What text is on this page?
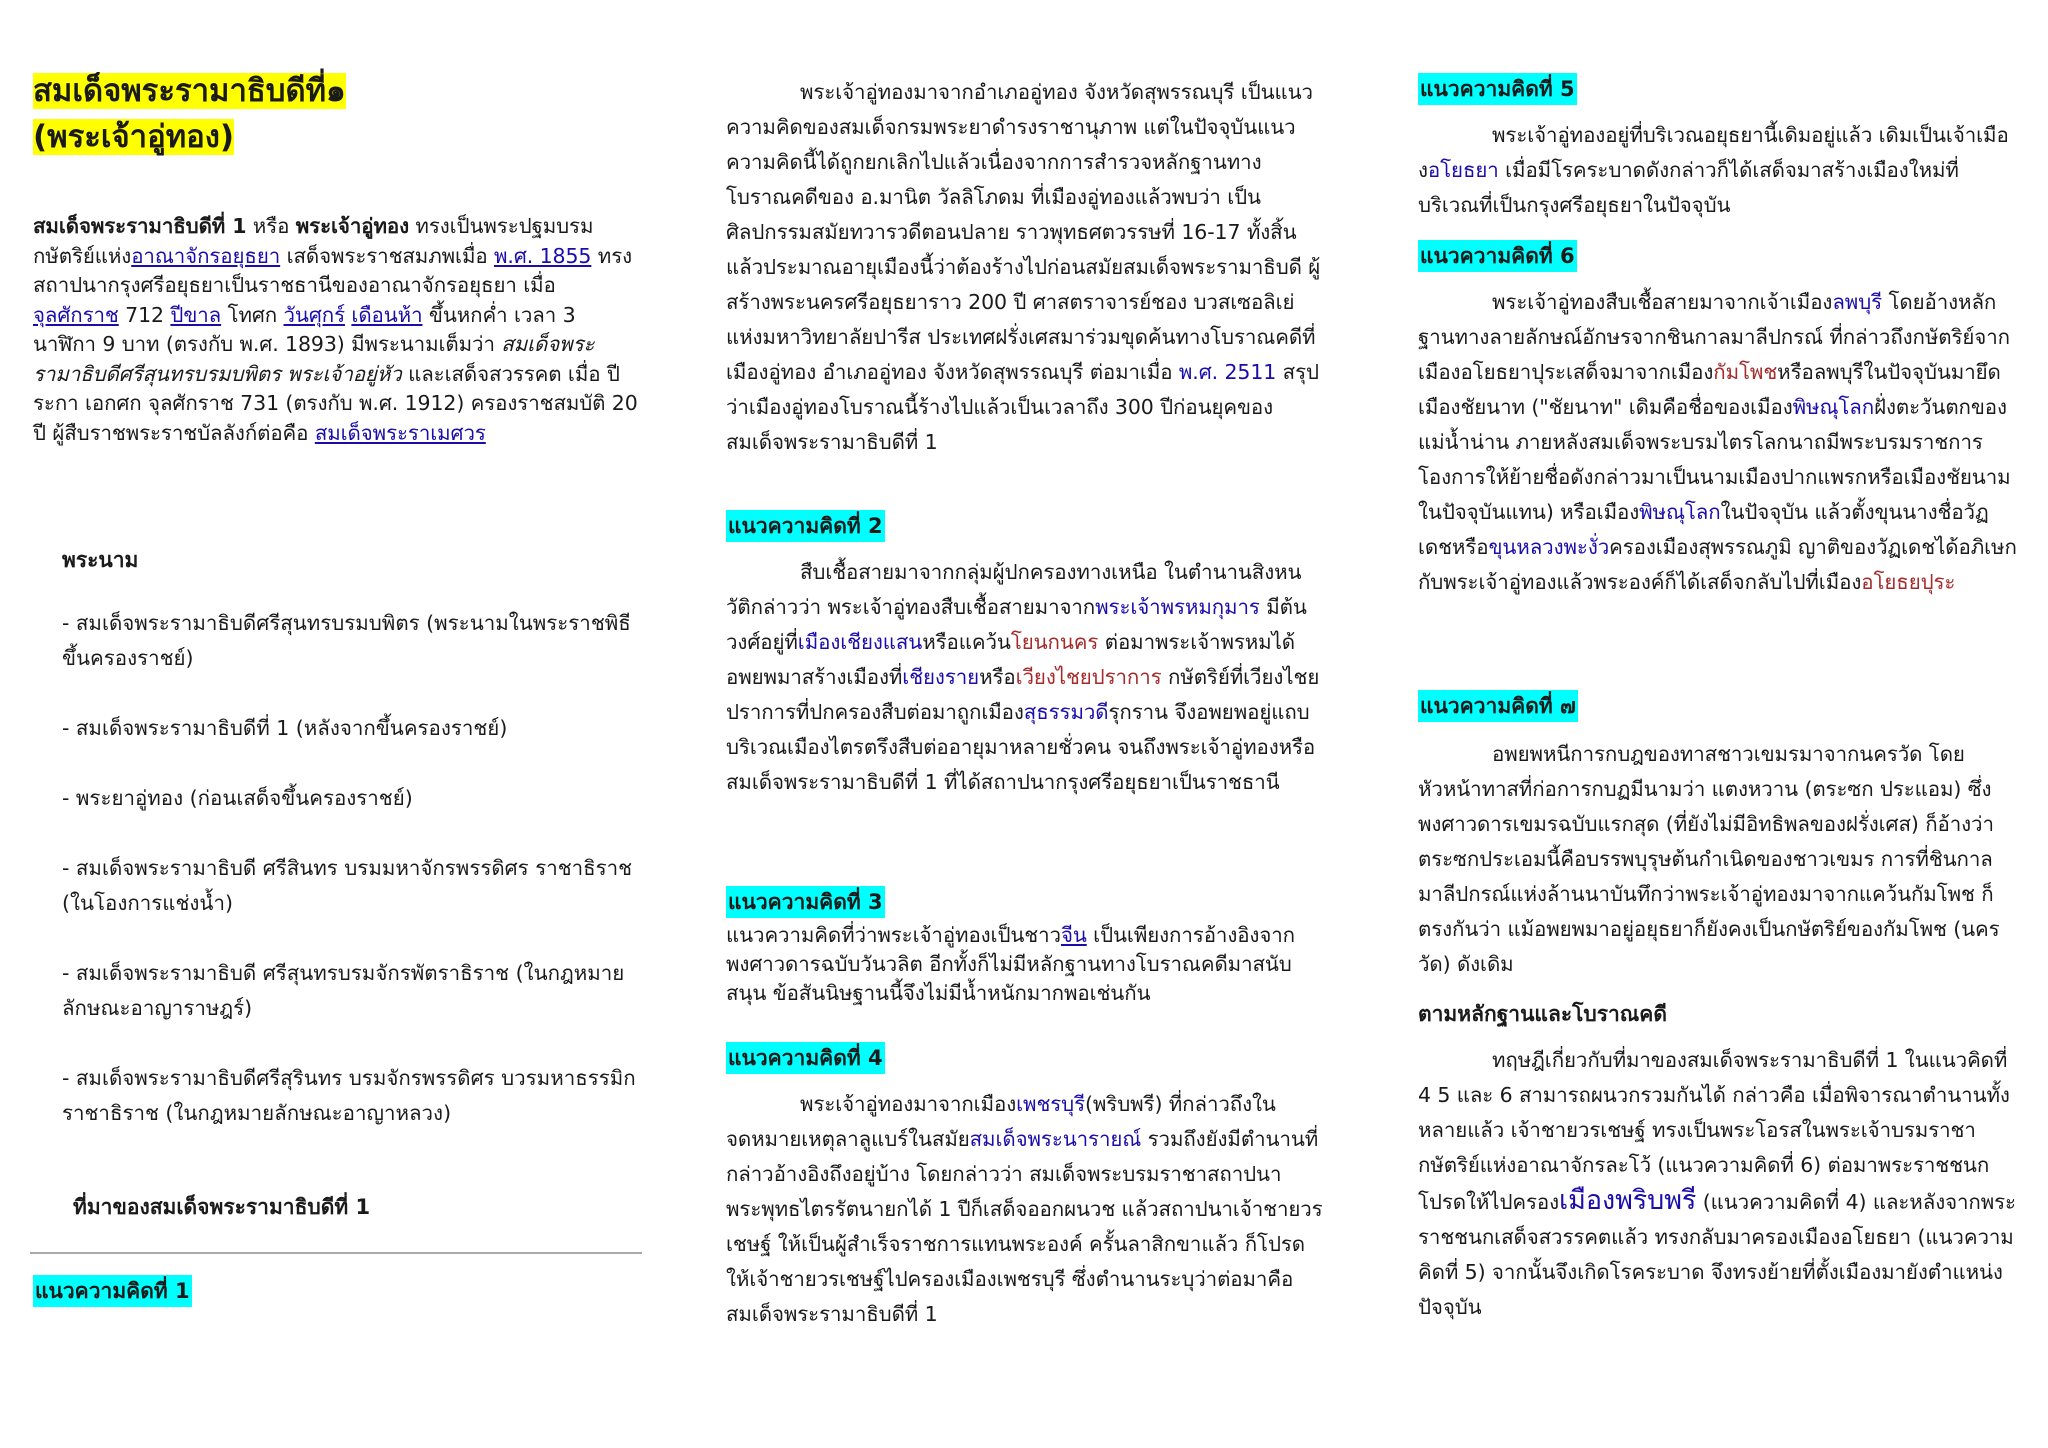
สมเด็จพระรามาธิบดีที่๑
(พระเจ้าอู่ทอง)

สมเด็จพระรามาธิบดีที่ 1 หรือ พระเจ้าอู่ทอง ทรงเป็นพระปฐมบรมกษัตริย์แห่งอาณาจักรอยุธยา เสด็จพระราชสมภพเมื่อ พ.ศ. 1855 ทรงสถาปนากรุงศรีอยุธยาเป็นราชธานีของอาณาจักรอยุธยา เมื่อ จุลศักราช 712 ปีขาล โทศก วันศุกร์ เดือนห้า ขึ้นหกค่ำ เวลา 3 นาฬิกา 9 บาท (ตรงกับ พ.ศ. 1893) มีพระนามเต็มว่า สมเด็จพระรามาธิบดีศรีสุนทรบรมบพิตร พระเจ้าอยู่หัว และเสด็จสวรรคต เมื่อ ปีระกา เอกศก จุลศักราช 731 (ตรงกับ พ.ศ. 1912) ครองราชสมบัติ 20 ปี ผู้สืบราชพระราชบัลลังก์ต่อคือ สมเด็จพระราเมศวร

พระนาม

- สมเด็จพระรามาธิบดีศรีสุนทรบรมบพิตร (พระนามในพระราชพิธีขึ้นครองราชย์)

- สมเด็จพระรามาธิบดีที่ 1 (หลังจากขึ้นครองราชย์)

- พระยาอู่ทอง (ก่อนเสด็จขึ้นครองราชย์)

- สมเด็จพระรามาธิบดี ศรีสินทร บรมมหาจักรพรรดิศร ราชาธิราช (ในโองการแช่งน้ำ)

- สมเด็จพระรามาธิบดี ศรีสุนทรบรมจักรพัตราธิราช (ในกฎหมายลักษณะอาญาราษฎร์)

- สมเด็จพระรามาธิบดีศรีสุรินทร บรมจักรพรรดิศร บวรมหาธรรมิกราชาธิราช (ในกฎหมายลักษณะอาญาหลวง)

ที่มาของสมเด็จพระรามาธิบดีที่ 1
แนวความคิดที่ 1

พระเจ้าอู่ทองมาจากอำเภออู่ทอง จังหวัดสุพรรณบุรี เป็นแนวความคิดของสมเด็จกรมพระยาดำรงราชานุภาพ แต่ในปัจจุบันแนวความคิดนี้ได้ถูกยกเลิกไปแล้วเนื่องจากการสำรวจหลักฐานทางโบราณคดีของ อ.มานิต วัลลิโภดม ที่เมืองอู่ทองแล้วพบว่า เป็นศิลปกรรมสมัยทวารวดีตอนปลาย ราวพุทธศตวรรษที่ 16-17 ทั้งสิ้น แล้วประมาณอายุเมืองนี้ว่าต้องร้างไปก่อนสมัยสมเด็จพระรามาธิบดี ผู้สร้างพระนครศรีอยุธยาราว 200 ปี ศาสตราจารย์ชอง บวสเซอลิเย่ แห่งมหาวิทยาลัยปารีส ประเทศฝรั่งเศสมาร่วมขุดค้นทางโบราณคดีที่เมืองอู่ทอง อำเภออู่ทอง จังหวัดสุพรรณบุรี ต่อมาเมื่อ พ.ศ. 2511 สรุปว่าเมืองอู่ทองโบราณนี้ร้างไปแล้วเป็นเวลาถึง 300 ปีก่อนยุคของสมเด็จพระรามาธิบดีที่ 1

แนวความคิดที่ 2

สืบเชื้อสายมาจากกลุ่มผู้ปกครองทางเหนือ ในตำนานสิงหนวัติกล่าวว่า พระเจ้าอู่ทองสืบเชื้อสายมาจากพระเจ้าพรหมกุมาร มีต้นวงศ์อยู่ที่เมืองเชียงแสนหรือแคว้นโยนกนคร ต่อมาพระเจ้าพรหมได้อพยพมาสร้างเมืองที่เชียงรายหรือเวียงไชยปราการ กษัตริย์ที่เวียงไชยปราการที่ปกครองสืบต่อมาถูกเมืองสุธรรมวดีรุกราน จึงอพยพอยู่แถบบริเวณเมืองไตรตรึงสืบต่ออายุมาหลายชั่วคน จนถึงพระเจ้าอู่ทองหรือสมเด็จพระรามาธิบดีที่ 1 ที่ได้สถาปนากรุงศรีอยุธยาเป็นราชธานี

แนวความคิดที่ 3

แนวความคิดที่ว่าพระเจ้าอู่ทองเป็นชาวจีน เป็นเพียงการอ้างอิงจากพงศาวดารฉบับวันวลิต อีกทั้งก็ไม่มีหลักฐานทางโบราณคดีมาสนับสนุน ข้อสันนิษฐานนี้จึงไม่มีน้ำหนักมากพอเช่นกัน

แนวความคิดที่ 4

พระเจ้าอู่ทองมาจากเมืองเพชรบุรี(พริบพรี) ที่กล่าวถึงในจดหมายเหตุลาลูแบร์ในสมัยสมเด็จพระนารายณ์ รวมถึงยังมีตำนานที่กล่าวอ้างอิงถึงอยู่บ้าง โดยกล่าวว่า สมเด็จพระบรมราชาสถาปนาพระพุทธไตรรัตนายกได้ 1 ปีก็เสด็จออกผนวช แล้วสถาปนาเจ้าชายวรเชษฐ์ ให้เป็นผู้สำเร็จราชการแทนพระองค์ ครั้นลาสิกขาแล้ว ก็โปรดให้เจ้าชายวรเชษฐ์ไปครองเมืองเพชรบุรี ซึ่งตำนานระบุว่าต่อมาคือสมเด็จพระรามาธิบดีที่ 1

แนวความคิดที่ 5

พระเจ้าอู่ทองอยู่ที่บริเวณอยุธยานี้เดิมอยู่แล้ว เดิมเป็นเจ้าเมืองอโยธยา เมื่อมีโรคระบาดดังกล่าวก็ได้เสด็จมาสร้างเมืองใหม่ที่บริเวณที่เป็นกรุงศรีอยุธยาในปัจจุบัน

แนวความคิดที่ 6

พระเจ้าอู่ทองสืบเชื้อสายมาจากเจ้าเมืองลพบุรี โดยอ้างหลักฐานทางลายลักษณ์อักษรจากชินกาลมาลีปกรณ์ ที่กล่าวถึงกษัตริย์จากเมืองอโยธยาปุระเสด็จมาจากเมืองกัมโพชหรือลพบุรีในปัจจุบันมายึดเมืองชัยนาท ("ชัยนาท" เดิมคือชื่อของเมืองพิษณุโลกฝั่งตะวันตกของแม่น้ำน่าน ภายหลังสมเด็จพระบรมไตรโลกนาถมีพระบรมราชการโองการให้ย้ายชื่อดังกล่าวมาเป็นนามเมืองปากแพรกหรือเมืองชัยนามในปัจจุบันแทน) หรือเมืองพิษณุโลกในปัจจุบัน แล้วตั้งขุนนางชื่อวัฏเดชหรือขุนหลวงพะงั่วครองเมืองสุพรรณภูมิ ญาติของวัฏเดชได้อภิเษกกับพระเจ้าอู่ทองแล้วพระองค์ก็ได้เสด็จกลับไปที่เมืองอโยธยปุระ

แนวความคิดที่ ๗

อพยพหนีการกบฎของทาสชาวเขมรมาจากนครวัด โดยหัวหน้าทาสที่ก่อการกบฏมีนามว่า แตงหวาน (ตระซก ประแอม) ซึ่งพงศาวดารเขมรฉบับแรกสุด (ที่ยังไม่มีอิทธิพลของฝรั่งเศส) ก็อ้างว่าตระซกประเอมนี้คือบรรพบุรุษต้นกำเนิดของชาวเขมร การที่ชินกาลมาลีปกรณ์แห่งล้านนาบันทึกว่าพระเจ้าอู่ทองมาจากแคว้นกัมโพช ก็ตรงกันว่า แม้อพยพมาอยู่อยุธยาก็ยังคงเป็นกษัตริย์ของกัมโพช (นครวัด) ดังเดิม

ตามหลักฐานและโบราณคดี

ทฤษฎีเกี่ยวกับที่มาของสมเด็จพระรามาธิบดีที่ 1 ในแนวคิดที่ 4 5 และ 6 สามารถผนวกรวมกันได้ กล่าวคือ เมื่อพิจารณาตำนานทั้งหลายแล้ว เจ้าชายวรเชษฐ์ ทรงเป็นพระโอรสในพระเจ้าบรมราชา กษัตริย์แห่งอาณาจักรละโว้ (แนวความคิดที่ 6) ต่อมาพระราชชนกโปรดให้ไปครองเมืองพริบพรี (แนวความคิดที่ 4) และหลังจากพระราชชนกเสด็จสวรรคตแล้ว ทรงกลับมาครองเมืองอโยธยา (แนวความคิดที่ 5) จากนั้นจึงเกิดโรคระบาด จึงทรงย้ายที่ตั้งเมืองมายังตำแหน่งปัจจุบัน
